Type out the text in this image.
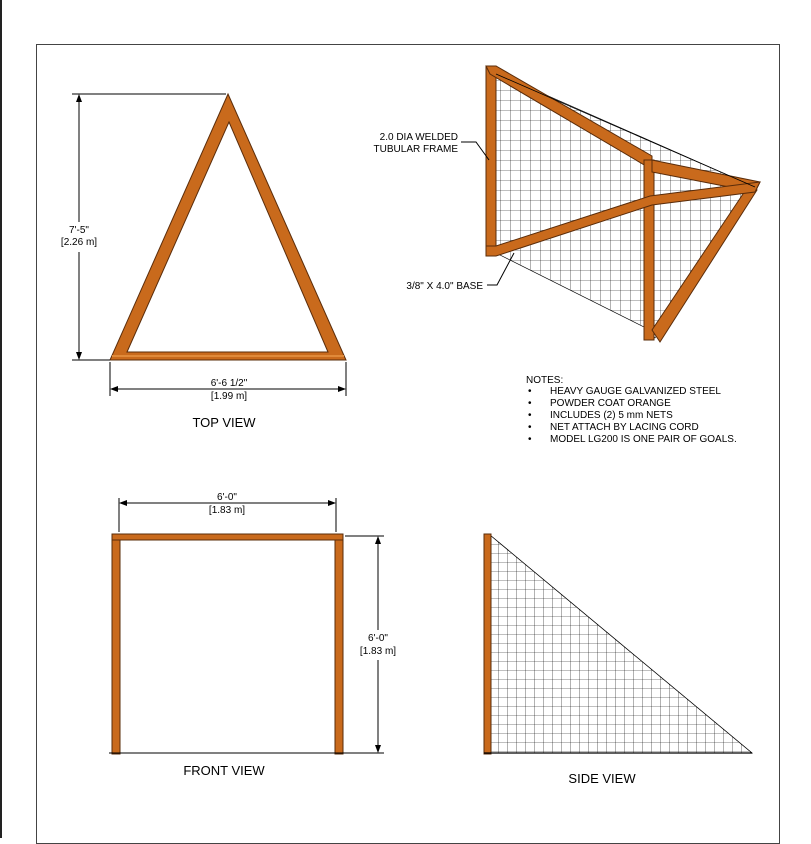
7'-5"
[2.26 m]
6'-6 1/2"
[1.99 m]
TOP VIEW
2.0 DIA WELDED
TUBULAR FRAME
3/8" X 4.0" BASE
NOTES:
• HEAVY GAUGE GALVANIZED STEEL
• POWDER COAT ORANGE
• INCLUDES (2) 5 mm NETS
• NET ATTACH BY LACING CORD
• MODEL LG200 IS ONE PAIR OF GOALS.
6'-0"
[1.83 m]
6'-0"
[1.83 m]
FRONT VIEW
SIDE VIEW
